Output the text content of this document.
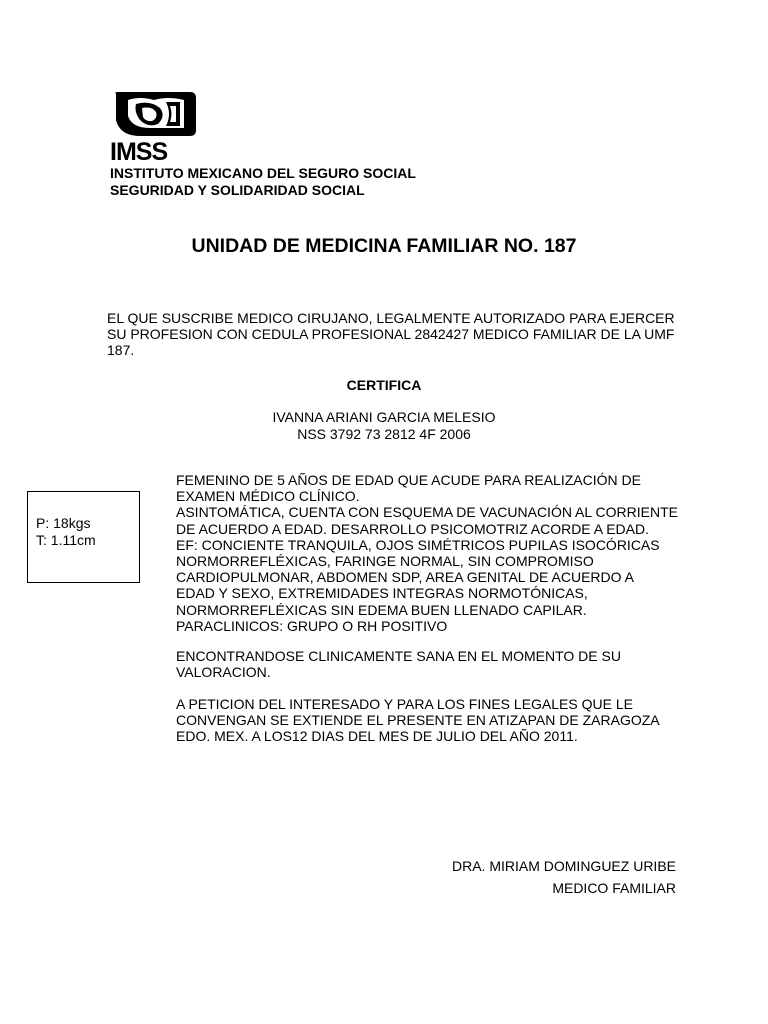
IMSS
INSTITUTO MEXICANO DEL SEGURO SOCIAL
SEGURIDAD Y SOLIDARIDAD SOCIAL
UNIDAD DE MEDICINA FAMILIAR NO. 187
EL QUE SUSCRIBE MEDICO CIRUJANO, LEGALMENTE AUTORIZADO PARA EJERCER
SU PROFESION CON CEDULA PROFESIONAL 2842427 MEDICO FAMILIAR DE LA UMF
187.
CERTIFICA
IVANNA ARIANI GARCIA MELESIO
NSS 3792 73 2812 4F 2006
P: 18kgs
T: 1.11cm
FEMENINO DE 5 AÑOS DE EDAD QUE ACUDE PARA REALIZACIÓN DE
EXAMEN MÉDICO CLÍNICO.
ASINTOMÁTICA, CUENTA CON ESQUEMA DE VACUNACIÓN AL CORRIENTE
DE ACUERDO A EDAD. DESARROLLO PSICOMOTRIZ ACORDE A EDAD.
EF: CONCIENTE TRANQUILA, OJOS SIMÉTRICOS PUPILAS ISOCÓRICAS
NORMORREFLÉXICAS, FARINGE NORMAL, SIN COMPROMISO
CARDIOPULMONAR, ABDOMEN SDP, AREA GENITAL DE ACUERDO A
EDAD Y SEXO, EXTREMIDADES INTEGRAS NORMOTÓNICAS,
NORMORREFLÉXICAS SIN EDEMA BUEN LLENADO CAPILAR.
PARACLINICOS: GRUPO O RH POSITIVO
ENCONTRANDOSE CLINICAMENTE SANA EN EL MOMENTO DE SU
VALORACION.
A PETICION DEL INTERESADO Y PARA LOS FINES LEGALES QUE LE
CONVENGAN SE EXTIENDE EL PRESENTE EN ATIZAPAN DE ZARAGOZA
EDO. MEX. A LOS12 DIAS DEL MES DE JULIO DEL AÑO 2011.
DRA. MIRIAM DOMINGUEZ URIBE
MEDICO FAMILIAR
